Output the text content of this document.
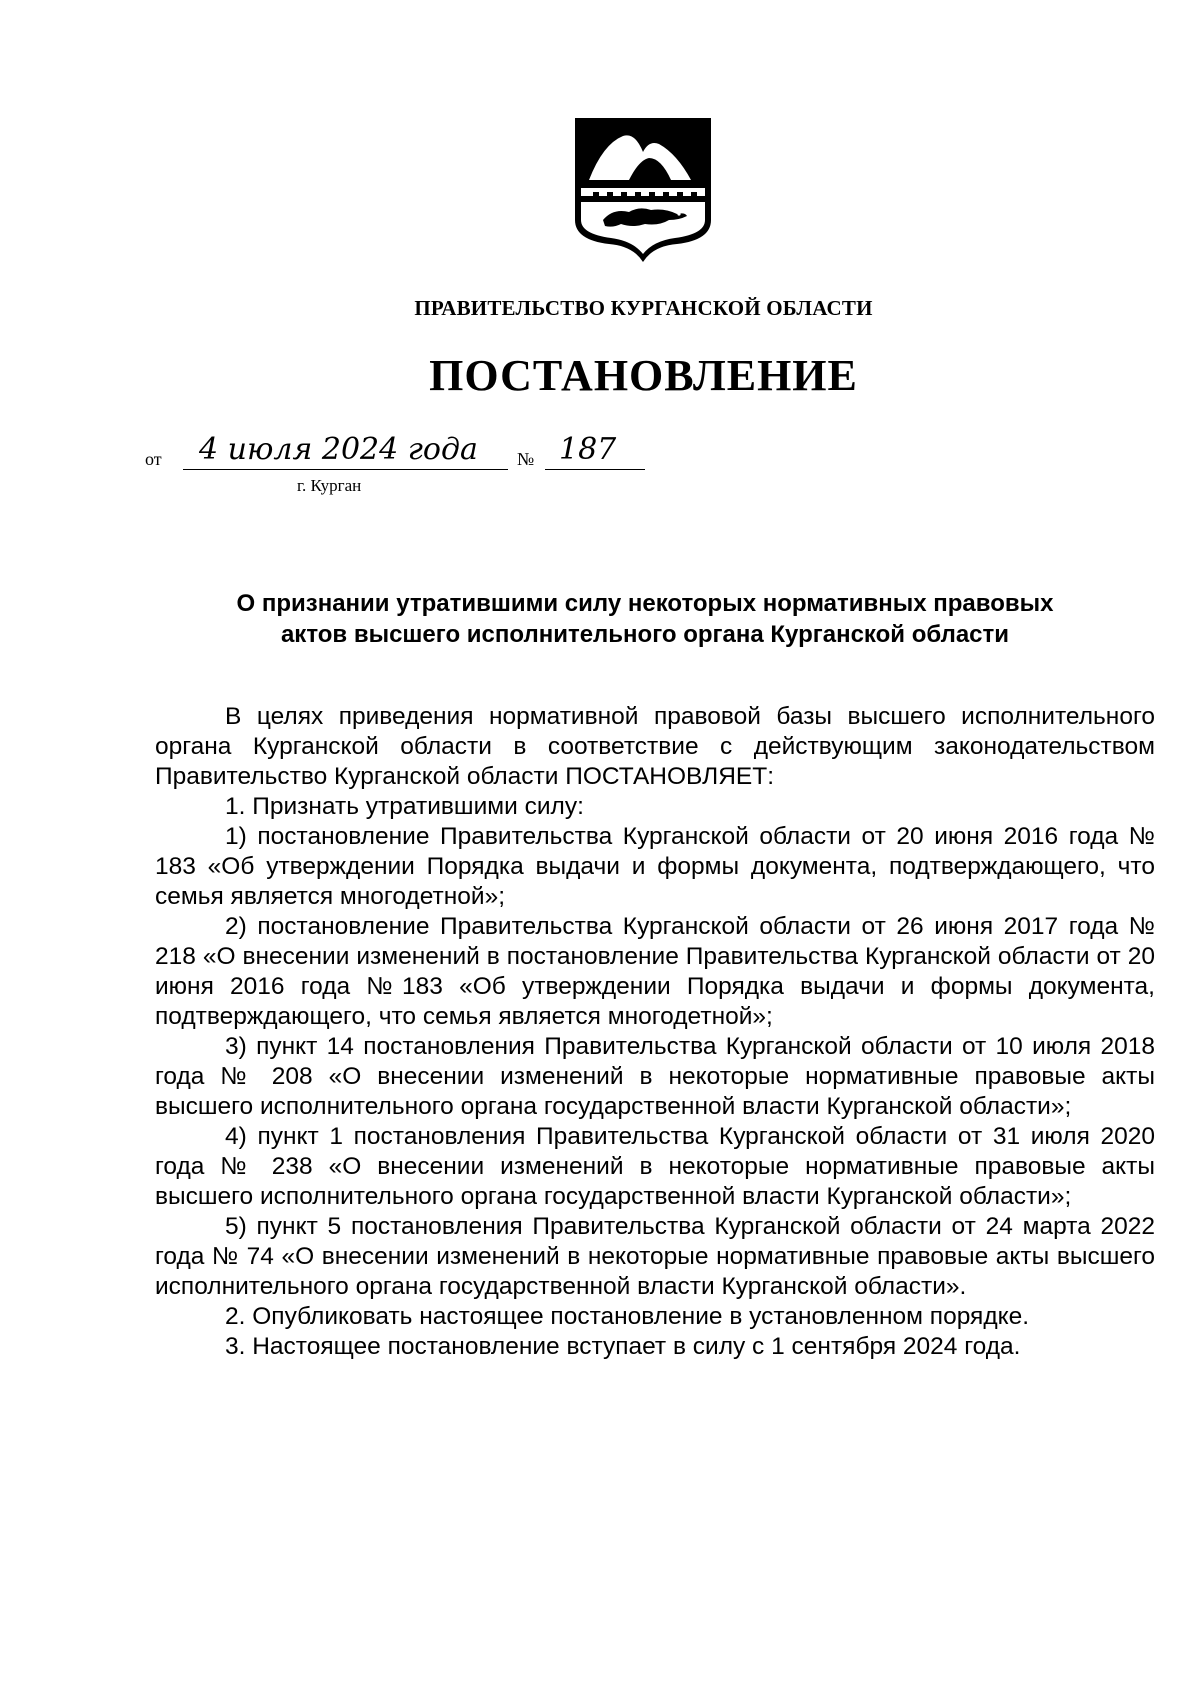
ПРАВИТЕЛЬСТВО КУРГАНСКОЙ ОБЛАСТИ
ПОСТАНОВЛЕНИЕ
от	4 июля 2024 года	№ 187
г. Курган
О признании утратившими силу некоторых нормативных правовых
актов высшего исполнительного органа Курганской области

В целях приведения нормативной правовой базы высшего исполнительного органа Курганской области в соответствие с действующим законодательством Правительство Курганской области ПОСТАНОВЛЯЕТ:

1. Признать утратившими силу:

1) постановление Правительства Курганской области от 20 июня 2016 года № 183 «Об утверждении Порядка выдачи и формы документа, подтверждающего, что семья является многодетной»;

2) постановление Правительства Курганской области от 26 июня 2017 года № 218 «О внесении изменений в постановление Правительства Курганской области от 20 июня 2016 года №183 «Об утверждении Порядка выдачи и формы документа, подтверждающего, что семья является многодетной»;

3) пункт 14 постановления Правительства Курганской области от 10 июля 2018 года № 208 «О внесении изменений в некоторые нормативные правовые акты высшего исполнительного органа государственной власти Курганской области»;

4) пункт 1 постановления Правительства Курганской области от 31 июля 2020 года № 238 «О внесении изменений в некоторые нормативные правовые акты высшего исполнительного органа государственной власти Курганской области»;

5) пункт 5 постановления Правительства Курганской области от 24 марта 2022 года № 74 «О внесении изменений в некоторые нормативные правовые акты высшего исполнительного органа государственной власти Курганской области».

2. Опубликовать настоящее постановление в установленном порядке.

3. Настоящее постановление вступает в силу с 1 сентября 2024 года.
